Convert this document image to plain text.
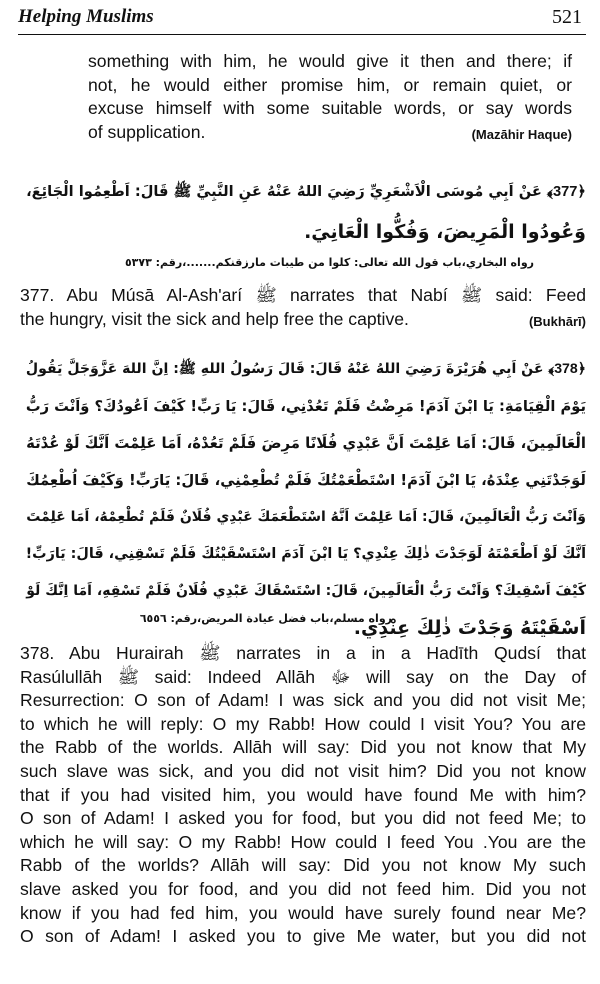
Helping Muslims	521
something with him, he would give it then and there; if
not, he would either promise him, or remain quiet, or
excuse himself with some suitable words, or say words
of supplication.	(Mazāhir Haque)
﴿377﴾ عَنْ اَبِي مُوسَى الْاَشْعَرِيِّ رَضِيَ اللهُ عَنْهُ عَنِ النَّبِيِّ ﷺ قَالَ: اَطْعِمُوا الْجَائِعَ،
وَعُودُوا الْمَرِيضَ، وَفُكُّوا الْعَانِيَ.
رواه البخاري،باب قول الله تعالى: كلوا من طيبات مارزقنكم.......،رقم: ٥٣٧٣
377. Abu Músā Al-Ash'arí ﷺ narrates that Nabí ﷺ said: Feed
the hungry, visit the sick and help free the captive.	(Bukhārī)
﴿378﴾ عَنْ اَبِي هُرَيْرَةَ رَضِيَ اللهُ عَنْهُ قَالَ: قَالَ رَسُولُ اللهِ ﷺ: اِنَّ اللهَ عَزَّوَجَلَّ يَقُولُ
يَوْمَ الْقِيَامَةِ: يَا ابْنَ آدَمَ! مَرِضْتُ فَلَمْ تَعُدْنِي، قَالَ: يَا رَبِّ! كَيْفَ اَعُودُكَ؟ وَاَنْتَ رَبُّ
الْعَالَمِينَ، قَالَ: اَمَا عَلِمْتَ اَنَّ عَبْدِي فُلَانًا مَرِضَ فَلَمْ تَعُدْهُ، اَمَا عَلِمْتَ اَنَّكَ لَوْ عُدْتَهُ
لَوَجَدْتَنِي عِنْدَهُ، يَا ابْنَ آدَمَ! اسْتَطْعَمْتُكَ فَلَمْ تُطْعِمْنِي، قَالَ: يَارَبِّ! وَكَيْفَ اُطْعِمُكَ
وَاَنْتَ رَبُّ الْعَالَمِينَ، قَالَ: اَمَا عَلِمْتَ اَنَّهُ اسْتَطْعَمَكَ عَبْدِي فُلَانٌ فَلَمْ تُطْعِمْهُ، اَمَا عَلِمْتَ
اَنَّكَ لَوْ اَطْعَمْتَهُ لَوَجَدْتَ ذٰلِكَ عِنْدِي؟ يَا ابْنَ آدَمَ اسْتَسْقَيْتُكَ فَلَمْ تَسْقِنِي، قَالَ: يَارَبِّ!
كَيْفَ اَسْقِيكَ؟ وَاَنْتَ رَبُّ الْعَالَمِينَ، قَالَ: اسْتَسْقَاكَ عَبْدِي فُلَانٌ فَلَمْ تَسْقِهِ، اَمَا اِنَّكَ لَوْ
اَسْقَيْتَهُ وَجَدْتَ ذٰلِكَ عِنْدِي.
رواه مسلم،باب فضل عيادة المريض،رقم: ٦٥٥٦
378. Abu Hurairah ﷺ narrates in a in a Hadīth Qudsí that
Rasúlullāh ﷺ said: Indeed Allāh ﷻ will say on the Day of
Resurrection: O son of Adam! I was sick and you did not visit Me;
to which he will reply: O my Rabb! How could I visit You? You are
the Rabb of the worlds. Allāh will say: Did you not know that My
such slave was sick, and you did not visit him? Did you not know
that if you had visited him, you would have found Me with him?
O son of Adam! I asked you for food, but you did not feed Me; to
which he will say: O my Rabb! How could I feed You .You are the
Rabb of the worlds? Allāh will say: Did you not know My such
slave asked you for food, and you did not feed him. Did you not
know if you had fed him, you would have surely found near Me?
O son of Adam! I asked you to give Me water, but you did not
